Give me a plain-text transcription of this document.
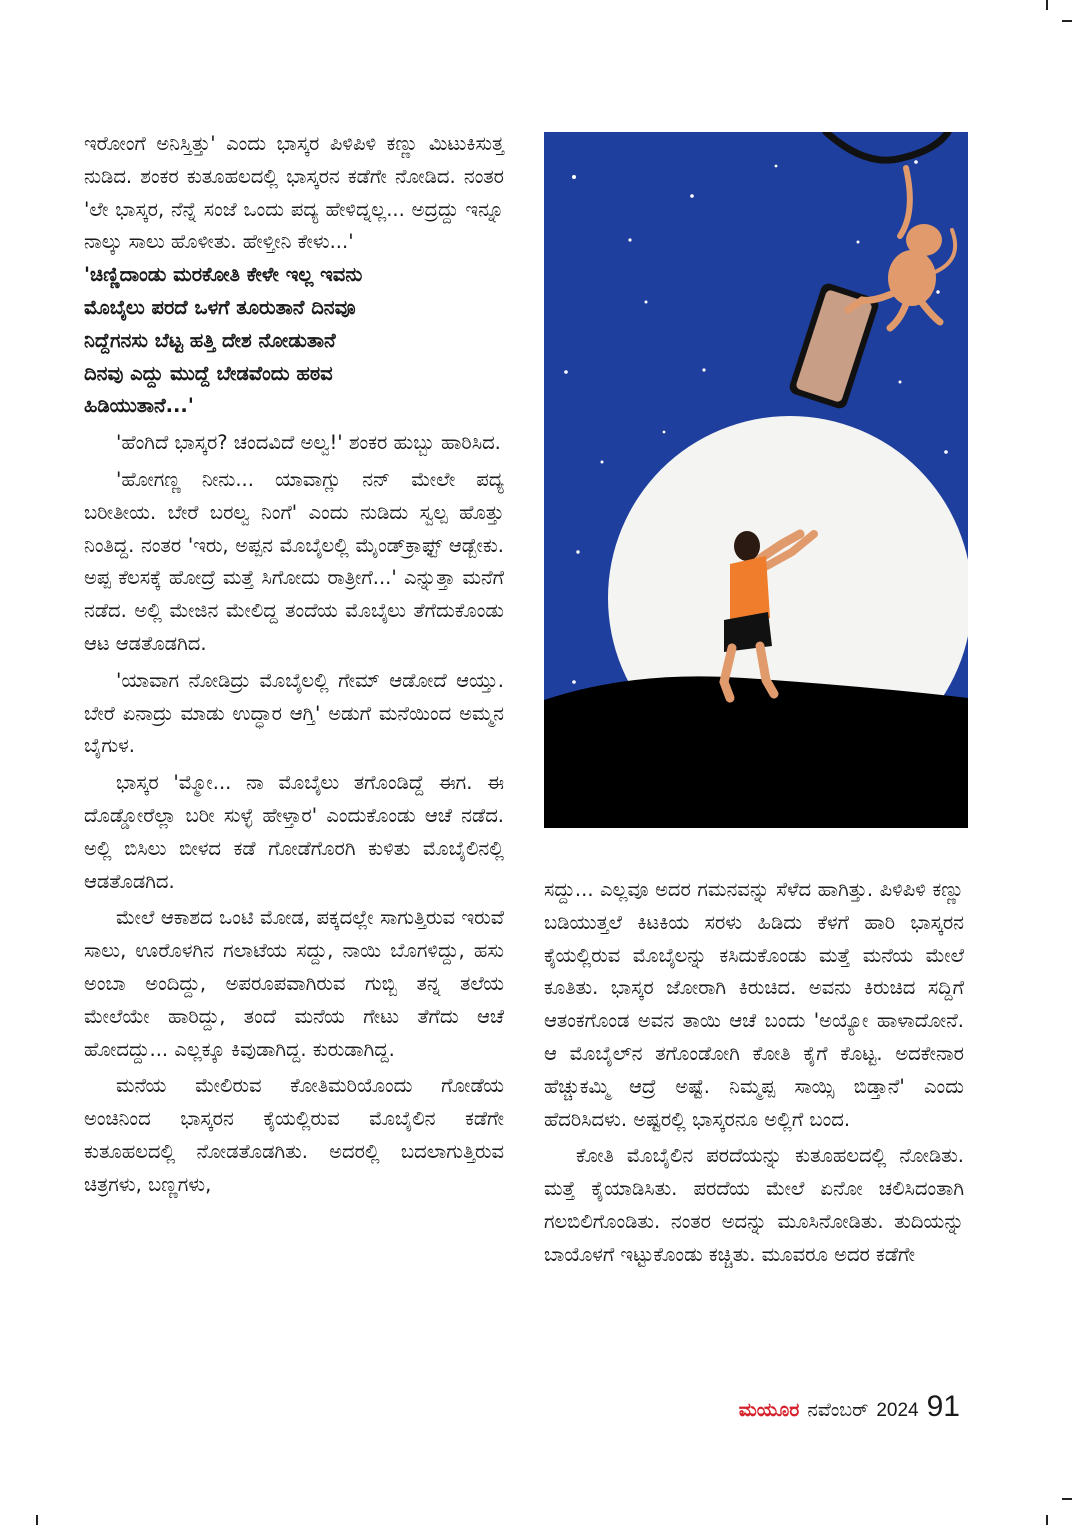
ಇರೋಂಗೆ ಅನಿಸ್ತಿತ್ತು' ಎಂದು ಭಾಸ್ಕರ ಪಿಳಿಪಿಳಿ ಕಣ್ಣು ಮಿಟುಕಿಸುತ್ತ ನುಡಿದ. ಶಂಕರ ಕುತೂಹಲದಲ್ಲಿ ಭಾಸ್ಕರನ ಕಡೆಗೇ ನೋಡಿದ. ನಂತರ 'ಲೇ ಭಾಸ್ಕರ, ನೆನ್ನೆ ಸಂಜೆ ಒಂದು ಪದ್ಯ ಹೇಳಿದ್ನಲ್ಲ... ಅದ್ರದ್ದು ಇನ್ನೂ ನಾಲ್ಕು ಸಾಲು ಹೊಳೀತು. ಹೇಳ್ತೀನಿ ಕೇಳು...'

'ಚಿಣ್ಣಿದಾಂಡು ಮರಕೋತಿ ಕೇಳೇ ಇಲ್ಲ ಇವನು
ಮೊಬೈಲು ಪರದೆ ಒಳಗೆ ತೂರುತಾನೆ ದಿನವೂ
ನಿದ್ದೆಗನಸು ಬೆಟ್ಟ ಹತ್ತಿ ದೇಶ ನೋಡುತಾನೆ
ದಿನವು ಎದ್ದು ಮುದ್ದೆ ಬೇಡವೆಂದು ಹಠವ
ಹಿಡಿಯುತಾನೆ...'

'ಹೆಂಗಿದೆ ಭಾಸ್ಕರ? ಚಂದವಿದೆ ಅಲ್ವ!' ಶಂಕರ ಹುಬ್ಬು ಹಾರಿಸಿದ.

'ಹೋಗಣ್ಣ ನೀನು... ಯಾವಾಗ್ಲು ನನ್ ಮೇಲೇ ಪದ್ಯ ಬರೀತೀಯ. ಬೇರೆ ಬರಲ್ವ ನಿಂಗೆ' ಎಂದು ನುಡಿದು ಸ್ವಲ್ಪ ಹೊತ್ತು ನಿಂತಿದ್ದ. ನಂತರ 'ಇರು, ಅಪ್ಪನ ಮೊಬೈಲಲ್ಲಿ ಮೈಂಡ್‌ಕ್ರಾಫ್ಟ್ ಆಡ್ಬೇಕು. ಅಪ್ಪ ಕೆಲಸಕ್ಕೆ ಹೋದ್ರೆ ಮತ್ತೆ ಸಿಗೋದು ರಾತ್ರೀಗೆ...' ಎನ್ನುತ್ತಾ ಮನೆಗೆ ನಡೆದ. ಅಲ್ಲಿ ಮೇಜಿನ ಮೇಲಿದ್ದ ತಂದೆಯ ಮೊಬೈಲು ತೆಗೆದುಕೊಂಡು ಆಟ ಆಡತೊಡಗಿದ.

'ಯಾವಾಗ ನೋಡಿದ್ರು ಮೊಬೈಲಲ್ಲಿ ಗೇಮ್ ಆಡೋದೆ ಆಯ್ತು. ಬೇರೆ ಏನಾದ್ರು ಮಾಡು ಉದ್ಧಾರ ಆಗ್ತಿ' ಅಡುಗೆ ಮನೆಯಿಂದ ಅಮ್ಮನ ಬೈಗುಳ.

ಭಾಸ್ಕರ 'ಮ್ಮೋ... ನಾ ಮೊಬೈಲು ತಗೊಂಡಿದ್ದೆ ಈಗ. ಈ ದೊಡ್ಡೋರೆಲ್ಲಾ ಬರೀ ಸುಳ್ಳೆ ಹೇಳ್ತಾರ' ಎಂದುಕೊಂಡು ಆಚೆ ನಡೆದ. ಅಲ್ಲಿ ಬಿಸಿಲು ಬೀಳದ ಕಡೆ ಗೋಡೆಗೊರಗಿ ಕುಳಿತು ಮೊಬೈಲಿನಲ್ಲಿ ಆಡತೊಡಗಿದ.

ಮೇಲೆ ಆಕಾಶದ ಒಂಟಿ ಮೋಡ, ಪಕ್ಕದಲ್ಲೇ ಸಾಗುತ್ತಿರುವ ಇರುವೆ ಸಾಲು, ಊರೊಳಗಿನ ಗಲಾಟೆಯ ಸದ್ದು, ನಾಯಿ ಬೊಗಳಿದ್ದು, ಹಸು ಅಂಬಾ ಅಂದಿದ್ದು, ಅಪರೂಪವಾಗಿರುವ ಗುಬ್ಬಿ ತನ್ನ ತಲೆಯ ಮೇಲೆಯೇ ಹಾರಿದ್ದು, ತಂದೆ ಮನೆಯ ಗೇಟು ತೆಗೆದು ಆಚೆ ಹೋದದ್ದು... ಎಲ್ಲಕ್ಕೂ ಕಿವುಡಾಗಿದ್ದ. ಕುರುಡಾಗಿದ್ದ.

ಮನೆಯ ಮೇಲಿರುವ ಕೋತಿಮರಿಯೊಂದು ಗೋಡೆಯ ಅಂಚಿನಿಂದ ಭಾಸ್ಕರನ ಕೈಯಲ್ಲಿರುವ ಮೊಬೈಲಿನ ಕಡೆಗೇ ಕುತೂಹಲದಲ್ಲಿ ನೋಡತೊಡಗಿತು. ಅದರಲ್ಲಿ ಬದಲಾಗುತ್ತಿರುವ ಚಿತ್ರಗಳು, ಬಣ್ಣಗಳು,

ಸದ್ದು... ಎಲ್ಲವೂ ಅದರ ಗಮನವನ್ನು ಸೆಳೆದ ಹಾಗಿತ್ತು. ಪಿಳಿಪಿಳಿ ಕಣ್ಣು ಬಡಿಯುತ್ತಲೆ ಕಿಟಕಿಯ ಸರಳು ಹಿಡಿದು ಕೆಳಗೆ ಹಾರಿ ಭಾಸ್ಕರನ ಕೈಯಲ್ಲಿರುವ ಮೊಬೈಲನ್ನು ಕಸಿದುಕೊಂಡು ಮತ್ತೆ ಮನೆಯ ಮೇಲೆ ಕೂತಿತು. ಭಾಸ್ಕರ ಜೋರಾಗಿ ಕಿರುಚಿದ. ಅವನು ಕಿರುಚಿದ ಸದ್ದಿಗೆ ಆತಂಕಗೊಂಡ ಅವನ ತಾಯಿ ಆಚೆ ಬಂದು 'ಅಯ್ಯೋ ಹಾಳಾದೋನೆ. ಆ ಮೊಬೈಲ್‌ನ ತಗೊಂಡೋಗಿ ಕೋತಿ ಕೈಗೆ ಕೊಟ್ಟ. ಅದಕೇನಾರ ಹೆಚ್ಚುಕಮ್ಮಿ ಆದ್ರೆ ಅಷ್ಟೆ. ನಿಮ್ಮಪ್ಪ ಸಾಯ್ಸಿ ಬಿಡ್ತಾನೆ' ಎಂದು ಹೆದರಿಸಿದಳು. ಅಷ್ಟರಲ್ಲಿ ಭಾಸ್ಕರನೂ ಅಲ್ಲಿಗೆ ಬಂದ.

ಕೋತಿ ಮೊಬೈಲಿನ ಪರದೆಯನ್ನು ಕುತೂಹಲದಲ್ಲಿ ನೋಡಿತು. ಮತ್ತೆ ಕೈಯಾಡಿಸಿತು. ಪರದೆಯ ಮೇಲೆ ಏನೋ ಚಲಿಸಿದಂತಾಗಿ ಗಲಬಿಲಿಗೊಂಡಿತು. ನಂತರ ಅದನ್ನು ಮೂಸಿನೋಡಿತು. ತುದಿಯನ್ನು ಬಾಯೊಳಗೆ ಇಟ್ಟುಕೊಂಡು ಕಚ್ಚಿತು. ಮೂವರೂ ಅದರ ಕಡೆಗೇ

ಮಯೂರ ನವೆಂಬರ್ 2024 91
